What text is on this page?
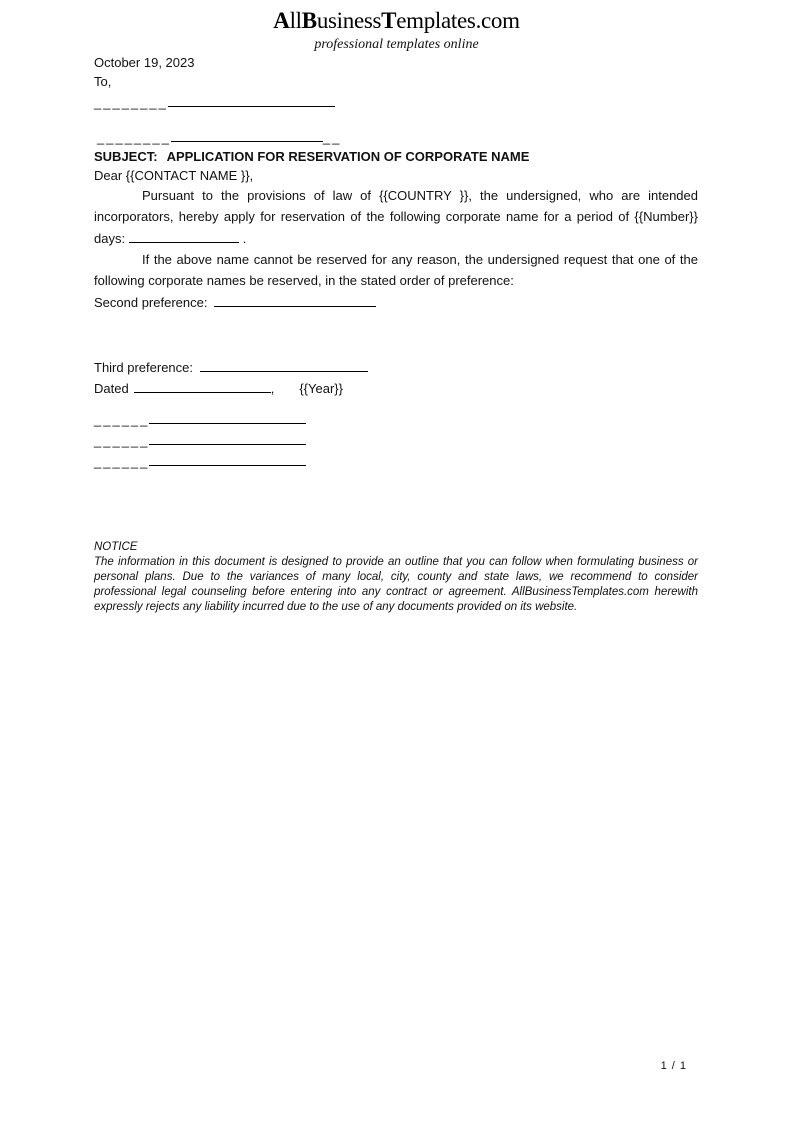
AllBusinessTemplates.com
professional templates online

October 19, 2023

To,

________

________	__

SUBJECT: APPLICATION FOR RESERVATION OF CORPORATE NAME

Dear {{CONTACT NAME }},

Pursuant to the provisions of law of {{COUNTRY }}, the undersigned, who are intended incorporators, hereby apply for reservation of the following corporate name for a period of {{Number}} days:	.

If the above name cannot be reserved for any reason, the undersigned request that one of the following corporate names be reserved, in the stated order of preference:

Second preference:

Third preference:

Dated	, {{Year}}

______

______

______

NOTICE

The information in this document is designed to provide an outline that you can follow when formulating business or personal plans. Due to the variances of many local, city, county and state laws, we recommend to consider professional legal counseling before entering into any contract or agreement. AllBusinessTemplates.com herewith expressly rejects any liability incurred due to the use of any documents provided on its website.

1 / 1
